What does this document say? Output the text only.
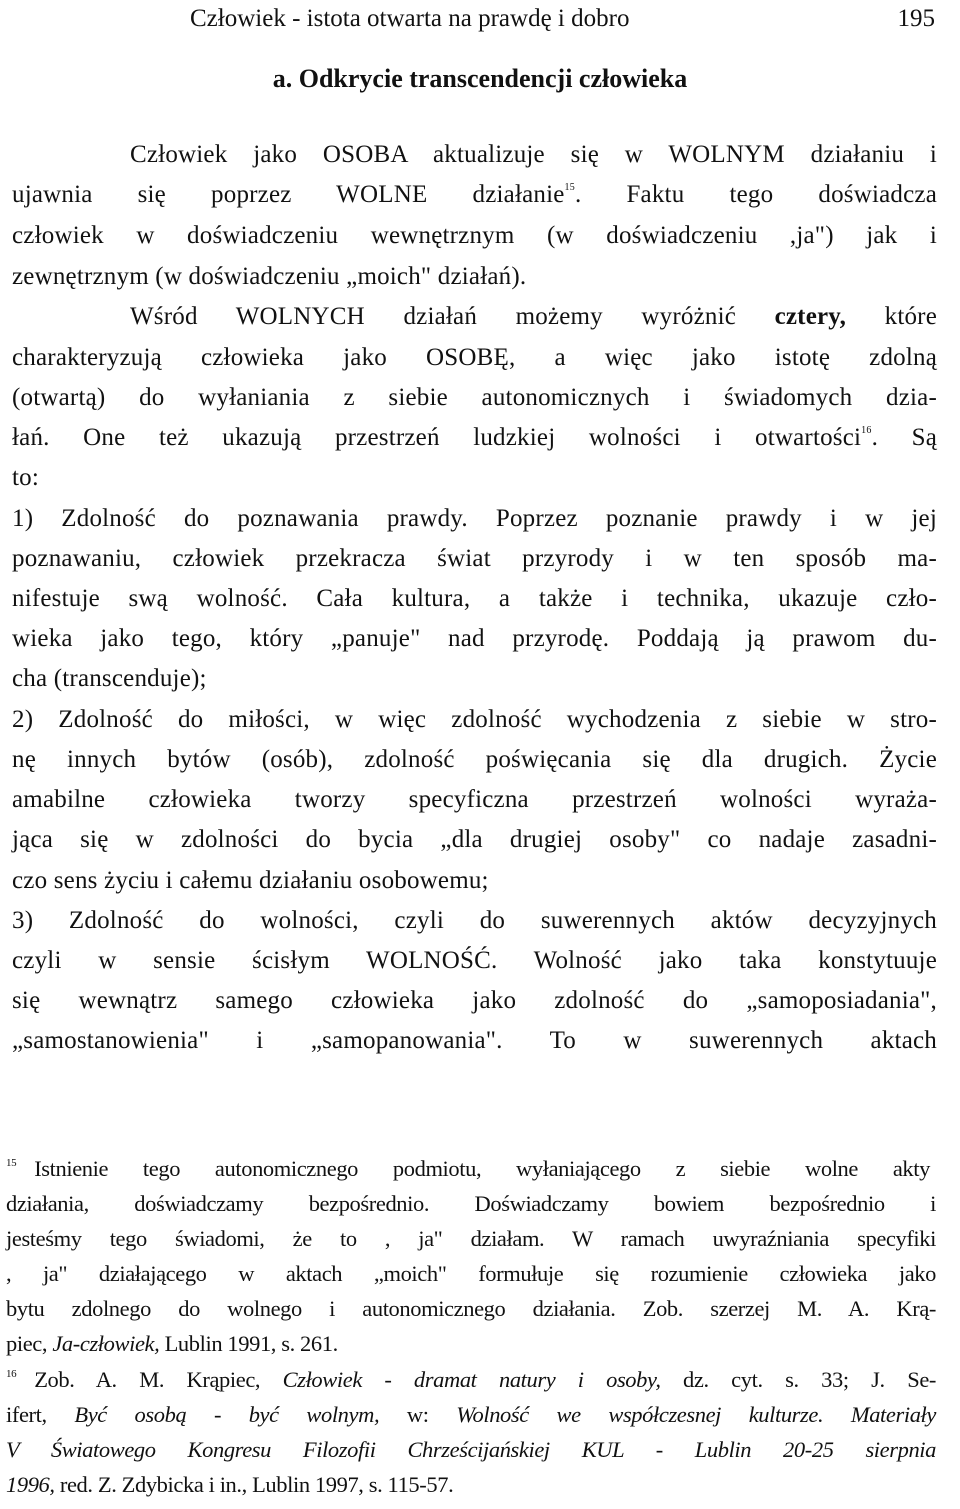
Człowiek - istota otwarta na prawdę i dobro	195
a. Odkrycie transcendencji człowieka
Człowiek jako OSOBA aktualizuje się w WOLNYM działaniu i
ujawnia się poprzez WOLNE działanie$^{15}$. Faktu tego doświadcza
człowiek w doświadczeniu wewnętrznym (w doświadczeniu ,ja") jak i
zewnętrznym (w doświadczeniu „moich" działań).
Wśród WOLNYCH działań możemy wyróżnić cztery, które
charakteryzują człowieka jako OSOBĘ, a więc jako istotę zdolną
(otwartą) do wyłaniania z siebie autonomicznych i świadomych dzia-
łań. One też ukazują przestrzeń ludzkiej wolności i otwartości$^{16}$. Są
to:
1) Zdolność do poznawania prawdy. Poprzez poznanie prawdy i w jej
poznawaniu, człowiek przekracza świat przyrody i w ten sposób ma-
nifestuje swą wolność. Cała kultura, a także i technika, ukazuje czło-
wieka jako tego, który „panuje" nad przyrodę. Poddają ją prawom du-
cha (transcenduje);
2) Zdolność do miłości, w więc zdolność wychodzenia z siebie w stro-
nę innych bytów (osób), zdolność poświęcania się dla drugich. Życie
amabilne człowieka tworzy specyficzna przestrzeń wolności wyraża-
jąca się w zdolności do bycia „dla drugiej osoby" co nadaje zasadni-
czo sens życiu i całemu działaniu osobowemu;
3) Zdolność do wolności, czyli do suwerennych aktów decyzyjnych
czyli w sensie ścisłym WOLNOŚĆ. Wolność jako taka konstytuuje
się wewnątrz samego człowieka jako zdolność do „samoposiadania",
„samostanowienia" i „samopanowania". To w suwerennych aktach
$^{15}$ Istnienie tego autonomicznego podmiotu, wyłaniającego z siebie wolne akty
działania, doświadczamy bezpośrednio. Doświadczamy bowiem bezpośrednio i
jesteśmy tego świadomi, że to , ja" działam. W ramach uwyraźniania specyfiki
, ja" działającego w aktach „moich" formułuje się rozumienie człowieka jako
bytu zdolnego do wolnego i autonomicznego działania. Zob. szerzej M. A. Krą-
piec, Ja-człowiek, Lublin 1991, s. 261.
$^{16}$ Zob. A. M. Krąpiec, Człowiek - dramat natury i osoby, dz. cyt. s. 33; J. Se-
ifert, Być osobą - być wolnym, w: Wolność we współczesnej kulturze. Materiały
V Światowego Kongresu Filozofii Chrześcijańskiej KUL - Lublin 20-25 sierpnia
1996, red. Z. Zdybicka i in., Lublin 1997, s. 115-57.
